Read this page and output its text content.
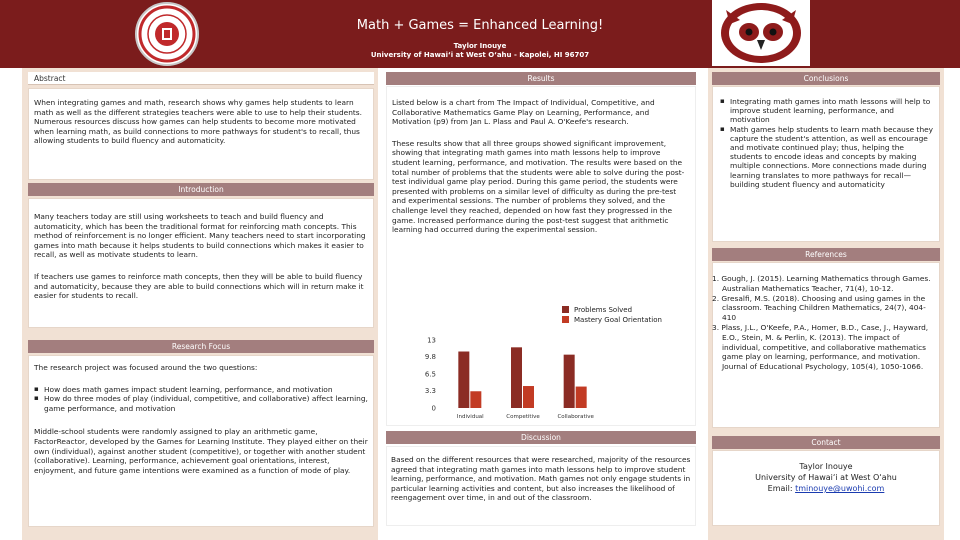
Math + Games = Enhanced Learning!
Taylor Inouye
University of Hawai‘i at West O‘ahu - Kapolei, HI 96707
Abstract
When integrating games and math, research shows why games help students to learn math as well as the different strategies teachers were able to use to help their students. Numerous resources discuss how games can help students to become more motivated when learning math, as build connections to more pathways for student's to recall, thus allowing students to build fluency and automaticity.
Introduction

Many teachers today are still using worksheets to teach and build fluency and automaticity, which has been the traditional format for reinforcing math concepts. This method of reinforcement is no longer efficient. Many teachers need to start incorporating games into math because it helps students to build connections which makes it easier to recall, as well as motivate students to learn.

If teachers use games to reinforce math concepts, then they will be able to build fluency and automaticity, because they are able to build connections which will in return make it easier for students to recall.

Research Focus

The research project was focused around the two questions:

▪ How does math games impact student learning, performance, and motivation
▪ How do three modes of play (individual, competitive, and collaborative) affect learning, game performance, and motivation

Middle-school students were randomly assigned to play an arithmetic game, FactorReactor, developed by the Games for Learning Institute. They played either on their own (individual), against another student (competitive), or together with another student (collaborative). Learning, performance, achievement goal orientations, interest, enjoyment, and future game intentions were examined as a function of mode of play.

Results

Listed below is a chart from The Impact of Individual, Competitive, and Collaborative Mathematics Game Play on Learning, Performance, and Motivation (p9) from Jan L. Plass and Paul A. O'Keefe's research.

These results show that all three groups showed significant improvement, showing that integrating math games into math lessons help to improve student learning, performance, and motivation. The results were based on the total number of problems that the students were able to solve during the post-test individual game play period. During this game period, the students were presented with problems on a similar level of difficulty as during the pre-test and experimental sessions. The number of problems they solved, and the challenge level they reached, depended on how fast they progressed in the game. Increased performance during the post-test suggest that arithmetic learning had occurred during the experimental session.

13
9.8
6.5
3.3
0
Individual	Competitive	Collaborative
Problems Solved
Mastery Goal Orientation
Discussion
Based on the different resources that were researched, majority of the resources agreed that integrating math games into math lessons help to improve student learning, performance, and motivation. Math games not only engage students in particular learning activities and content, but also increases the likelihood of reengagement over time, in and out of the classroom.
Conclusions
▪ Integrating math games into math lessons will help to improve student learning, performance, and motivation
▪ Math games help students to learn math because they capture the student's attention, as well as encourage and motivate continued play; thus, helping the students to encode ideas and concepts by making multiple connections. More connections made during learning translates to more pathways for recall—building student fluency and automaticity
References
1. Gough, J. (2015). Learning Mathematics through Games. Australian Mathematics Teacher, 71(4), 10-12.
2. Gresalfi, M.S. (2018). Choosing and using games in the classroom. Teaching Children Mathematics, 24(7), 404-410
3. Plass, J.L., O'Keefe, P.A., Homer, B.D., Case, J., Hayward, E.O., Stein, M. & Perlin, K. (2013). The impact of individual, competitive, and collaborative mathematics game play on learning, performance, and motivation. Journal of Educational Psychology, 105(4), 1050-1066.
Contact
Taylor Inouye
University of Hawai‘i at West O‘ahu
Email: tminouye@uwohi.com
